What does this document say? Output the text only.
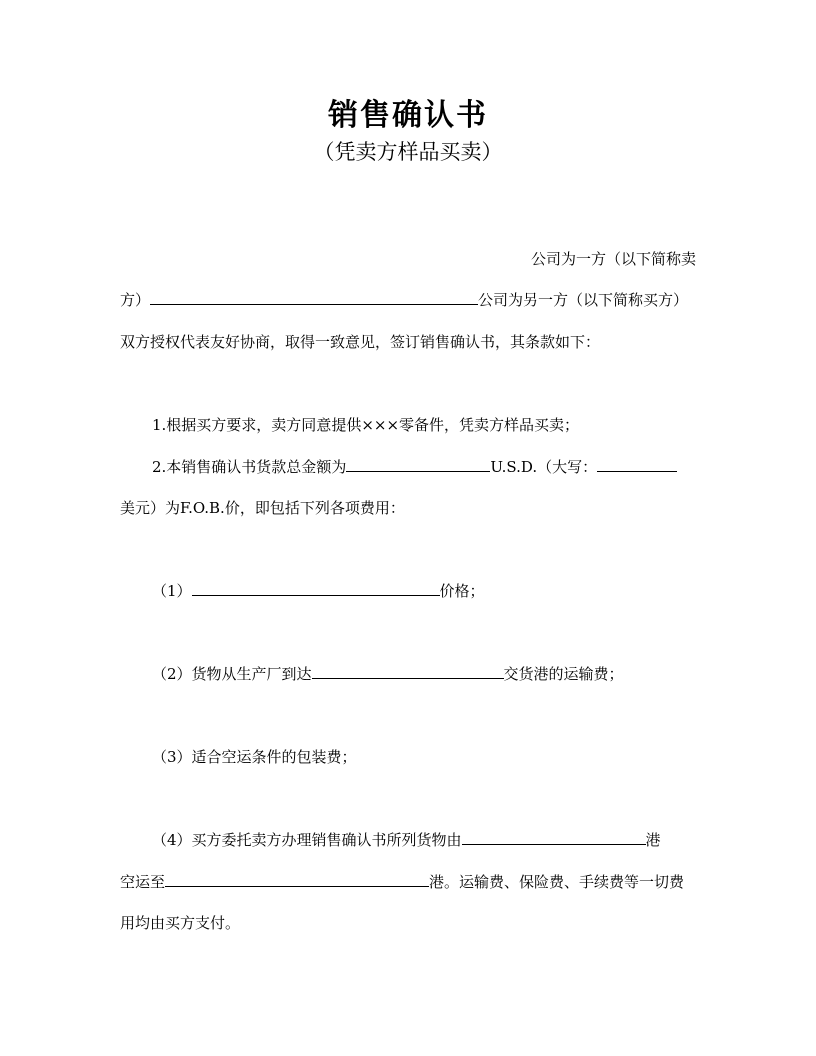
销售确认书
（凭卖方样品买卖）
公司为一方（以下简称卖
方）	公司为另一方（以下简称买方）
双方授权代表友好协商，取得一致意见，签订销售确认书，其条款如下：
1.根据买方要求，卖方同意提供×××零备件，凭卖方样品买卖；
2.本销售确认书货款总金额为	U.S.D.（大写：
美元）为F.O.B.价，即包括下列各项费用：
（1）	价格；
（2）货物从生产厂到达	交货港的运输费；
（3）适合空运条件的包装费；
（4）买方委托卖方办理销售确认书所列货物由	港
空运至	港。运输费、保险费、手续费等一切费
用均由买方支付。
